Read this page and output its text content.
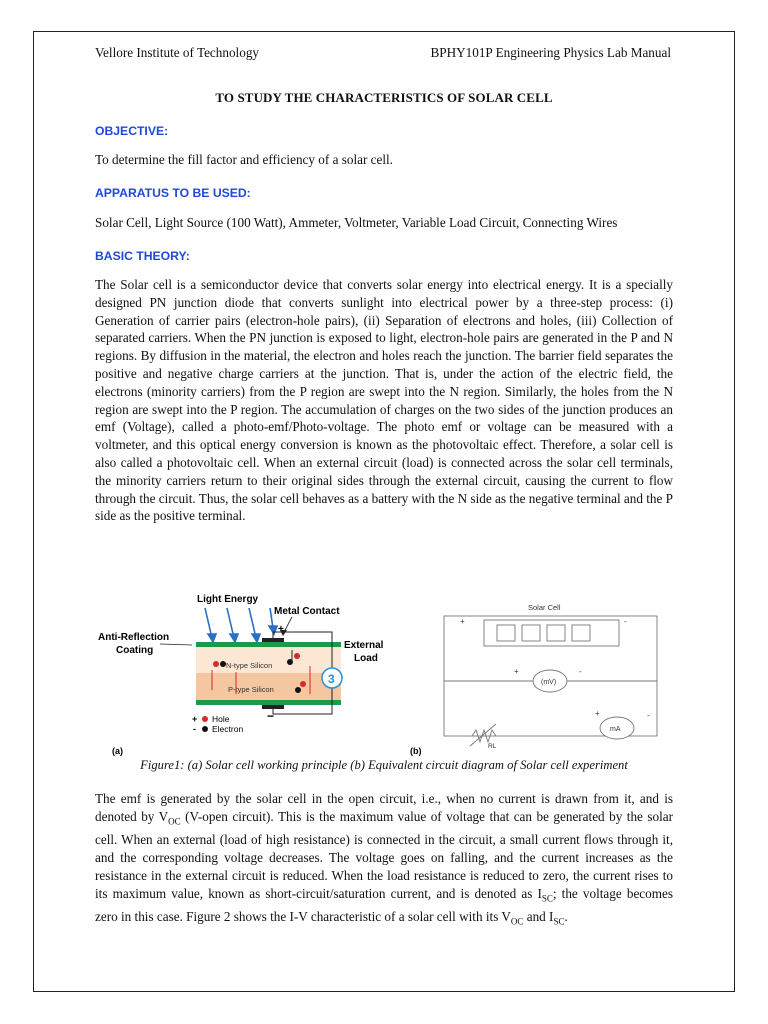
Vellore Institute of Technology	BPHY101P Engineering Physics Lab Manual
TO STUDY THE CHARACTERISTICS OF SOLAR CELL
OBJECTIVE:
To determine the fill factor and efficiency of a solar cell.
APPARATUS TO BE USED:
Solar Cell, Light Source (100 Watt), Ammeter, Voltmeter, Variable Load Circuit, Connecting Wires
BASIC THEORY:

The Solar cell is a semiconductor device that converts solar energy into electrical energy. It is a specially designed PN junction diode that converts sunlight into electrical power by a three-step process: (i) Generation of carrier pairs (electron-hole pairs), (ii) Separation of electrons and holes, (iii) Collection of separated carriers. When the PN junction is exposed to light, electron-hole pairs are generated in the P and N regions. By diffusion in the material, the electron and holes reach the junction. The barrier field separates the positive and negative charge carriers at the junction. That is, under the action of the electric field, the electrons (minority carriers) from the P region are swept into the N region. Similarly, the holes from the N region are swept into the P region. The accumulation of charges on the two sides of the junction produces an emf (Voltage), called a photo-emf/Photo-voltage. The photo emf or voltage can be measured with a voltmeter, and this optical energy conversion is known as the photovoltaic effect. Therefore, a solar cell is also called a photovoltaic cell. When an external circuit (load) is connected across the solar cell terminals, the minority carriers return to their original sides through the external circuit, causing the current to flow through the circuit. Thus, the solar cell behaves as a battery with the N side as the negative terminal and the P side as the positive terminal.

Light Energy
Metal Contact
Anti-Reflection
Coating	External
Load
N-type Silicon
P-type Silicon
3
+
−
+ Hole
- Electron
(a)
Solar Cell
(mV)
mA
RL
+	-
+	-
+	-
(b)
Figure1: (a) Solar cell working principle (b) Equivalent circuit diagram of Solar cell experiment

The emf is generated by the solar cell in the open circuit, i.e., when no current is drawn from it, and is denoted by $V_{OC}$ (V-open circuit). This is the maximum value of voltage that can be generated by the solar cell. When an external (load of high resistance) is connected in the circuit, a small current flows through it, and the corresponding voltage decreases. The voltage goes on falling, and the current increases as the resistance in the external circuit is reduced. When the load resistance is reduced to zero, the current rises to its maximum value, known as short-circuit/saturation current, and is denoted as $I_{SC}$; the voltage becomes zero in this case. Figure 2 shows the I-V characteristic of a solar cell with its $V_{OC}$ and $I_{SC}$.
